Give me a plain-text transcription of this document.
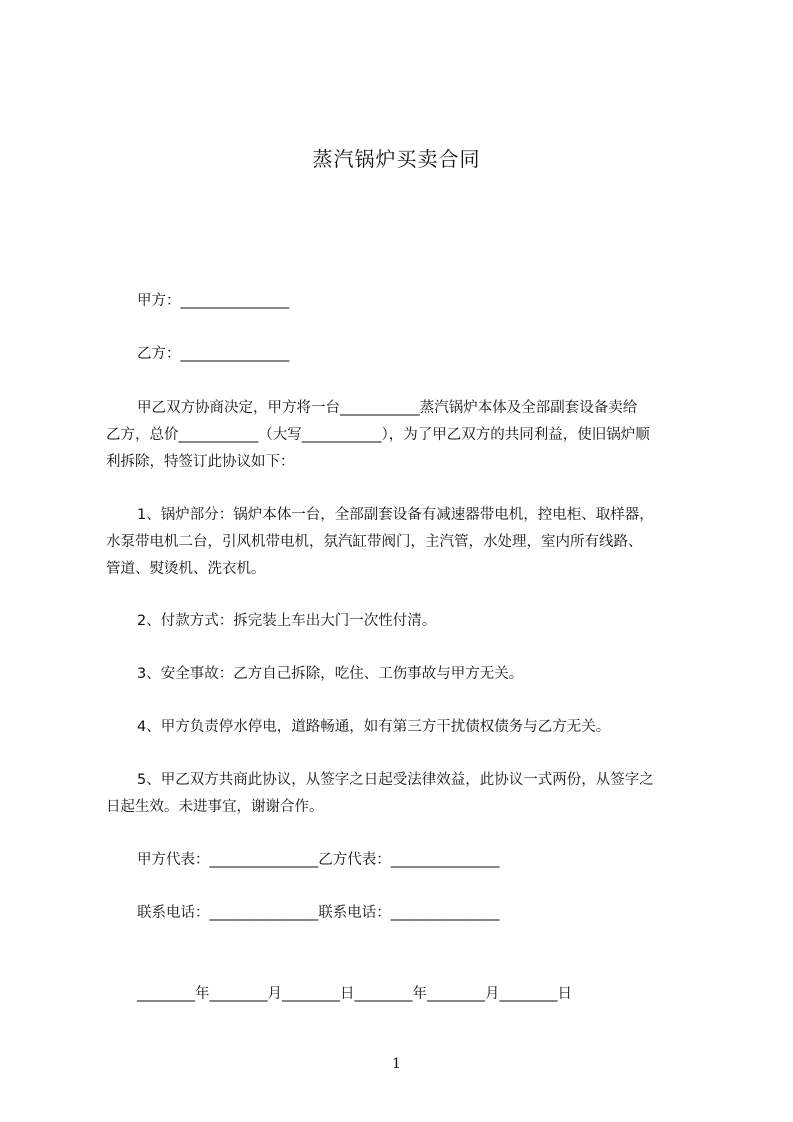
蒸汽锅炉买卖合同
甲方：_______________
乙方：_______________
甲乙双方协商决定，甲方将一台___________蒸汽锅炉本体及全部副套设备卖给
乙方，总价___________（大写___________），为了甲乙双方的共同利益，使旧锅炉顺
利拆除，特签订此协议如下：
1、锅炉部分：锅炉本体一台，全部副套设备有减速器带电机，控电柜、取样器，
水泵带电机二台，引风机带电机，氛汽缸带阀门，主汽管，水处理，室内所有线路、
管道、熨烫机、洗衣机。
2、付款方式：拆完装上车出大门一次性付清。
3、安全事故：乙方自己拆除，吃住、工伤事故与甲方无关。
4、甲方负责停水停电，道路畅通，如有第三方干扰债权债务与乙方无关。
5、甲乙双方共商此协议，从签字之日起受法律效益，此协议一式两份，从签字之
日起生效。未进事宜，谢谢合作。
甲方代表：_______________乙方代表：_______________
联系电话：_______________联系电话：_______________
________年________月________日________年________月________日
1
